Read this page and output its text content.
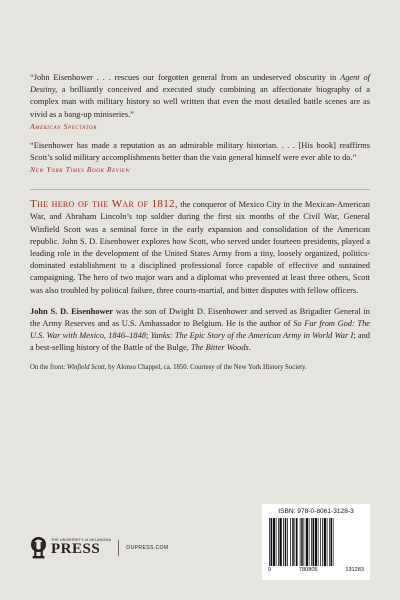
“John Eisenhower . . . rescues our forgotten general from an undeserved obscurity in Agent of Destiny, a brilliantly conceived and executed study combining an affectionate biography of a complex man with military history so well written that even the most detailed battle scenes are as vivid as a bang-up miniseries.”

American Spectator

“Eisenhower has made a reputation as an admirable military historian. . . . [His book] reaffirms Scott’s solid military accomplishments better than the vain general himself were ever able to do.”

New York Times Book Review

The hero of the War of 1812, the conqueror of Mexico City in the Mexican-American War, and Abraham Lincoln’s top soldier during the first six months of the Civil War, General Winfield Scott was a seminal force in the early expansion and consolidation of the American republic. John S. D. Eisenhower explores how Scott, who served under fourteen presidents, played a leading role in the development of the United States Army from a tiny, loosely organized, politics-dominated establishment to a disciplined professional force capable of effective and sustained campaigning. The hero of two major wars and a diplomat who prevented at least three others, Scott was also troubled by political failure, three courts-martial, and bitter disputes with fellow officers.

John S. D. Eisenhower was the son of Dwight D. Eisenhower and served as Brigadier General in the Army Reserves and as U.S. Ambassador to Belgium. He is the author of So Far from God: The U.S. War with Mexico, 1846–1848; Yanks: The Epic Story of the American Army in World War I; and a best-selling history of the Battle of the Bulge, The Bitter Woods.

On the front: Winfield Scott, by Alonso Chappel, ca. 1850. Courtesy of the New York History Society.

THE UNIVERSITY of OKLAHOMA
PRESS	OUPRESS.COM

ISBN: 978-0-8061-3128-3

9	780806	131283
